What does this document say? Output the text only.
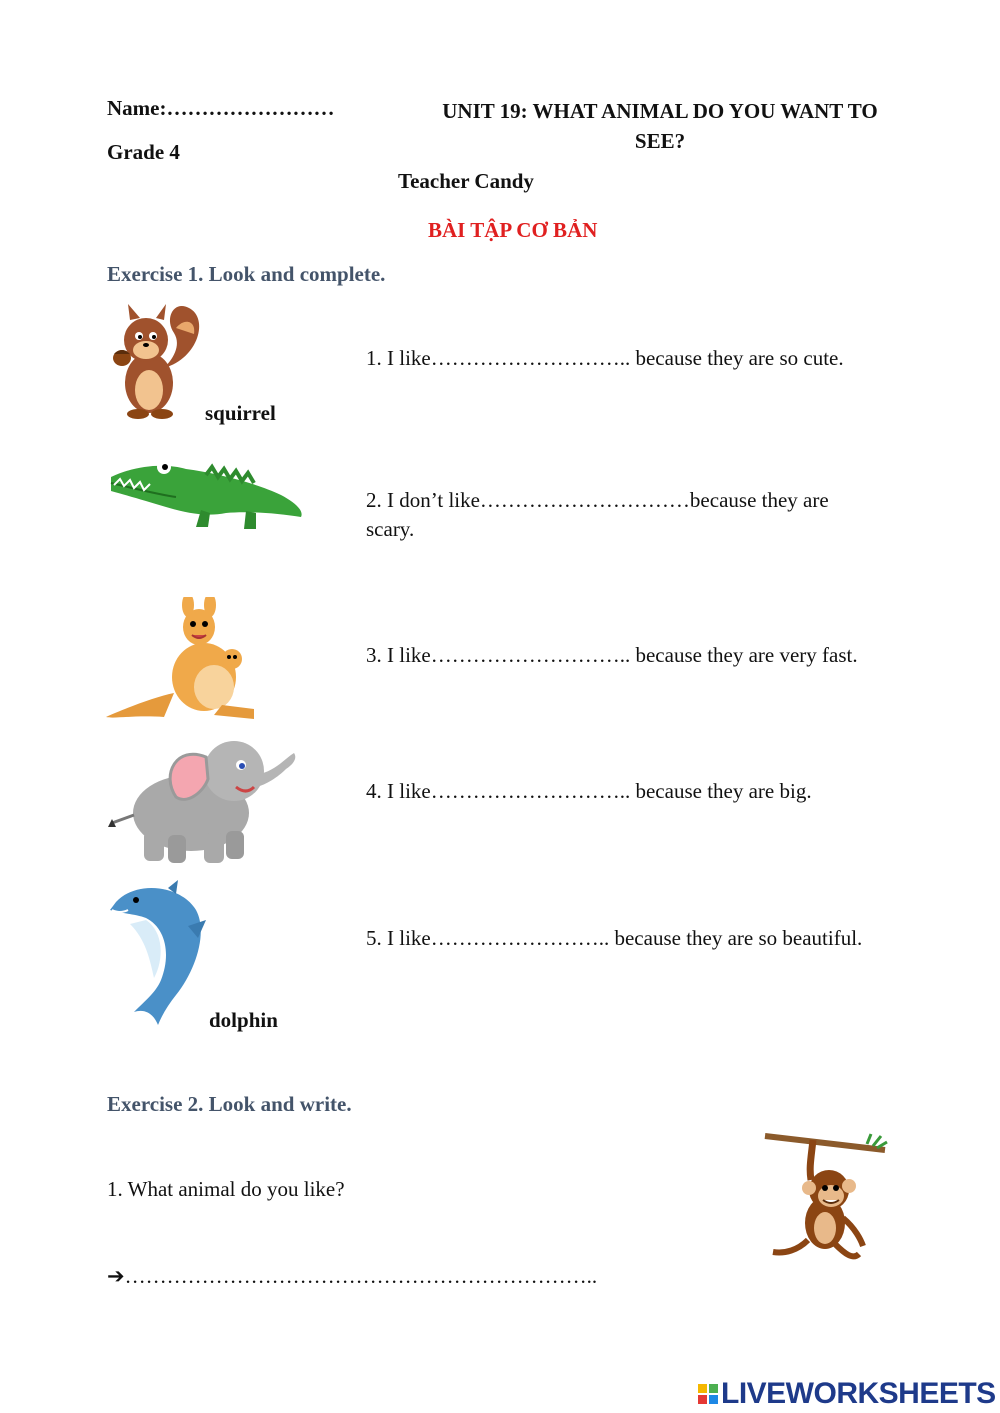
Name:……………………
Grade 4
UNIT 19: WHAT ANIMAL DO YOU WANT TO
SEE?
Teacher Candy
BÀI TẬP CƠ BẢN
Exercise 1. Look and complete.
squirrel
1. I like……………………….. because they are so cute.
2. I don’t like…………………………because they are
scary.
3. I like……………………….. because they are very fast.
4. I like……………………….. because they are big.
dolphin
5. I like…………………….. because they are so beautiful.
Exercise 2. Look and write.
1. What animal do you like?
➔…………………………………………………………..
LIVEWORKSHEETS
